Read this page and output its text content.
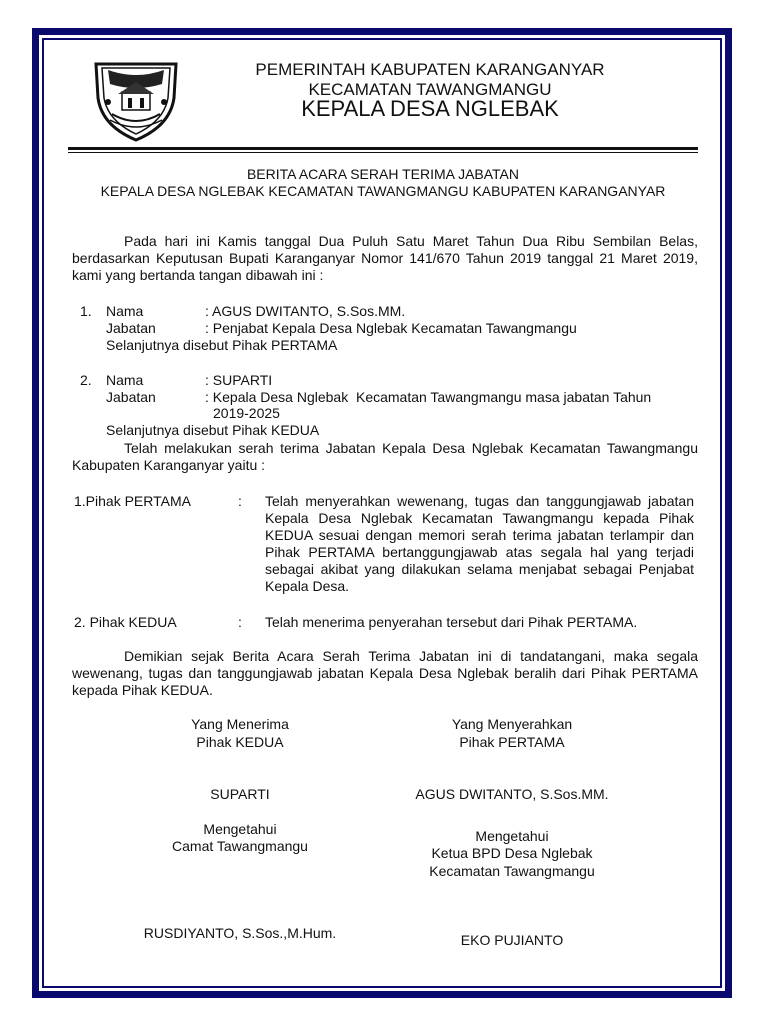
PEMERINTAH KABUPATEN KARANGANYAR
KECAMATAN TAWANGMANGU
KEPALA DESA NGLEBAK
BERITA ACARA SERAH TERIMA JABATAN
KEPALA DESA NGLEBAK KECAMATAN TAWANGMANGU KABUPATEN KARANGANYAR
Pada hari ini Kamis tanggal Dua Puluh Satu Maret Tahun Dua Ribu Sembilan Belas, berdasarkan Keputusan Bupati Karanganyar Nomor 141/670 Tahun 2019 tanggal 21 Maret 2019, kami yang bertanda tangan dibawah ini :
1. Nama	: AGUS DWITANTO, S.Sos.MM.
Jabatan	: Penjabat Kepala Desa Nglebak Kecamatan Tawangmangu
Selanjutnya disebut Pihak PERTAMA
2. Nama	: SUPARTI
Jabatan	: Kepala Desa Nglebak  Kecamatan Tawangmangu masa jabatan Tahun
2019-2025
Selanjutnya disebut Pihak KEDUA
Telah melakukan serah terima Jabatan Kepala Desa Nglebak Kecamatan Tawangmangu Kabupaten Karanganyar yaitu :
1.Pihak PERTAMA	: Telah menyerahkan wewenang, tugas dan tanggungjawab jabatan Kepala Desa Nglebak Kecamatan Tawangmangu kepada Pihak KEDUA sesuai dengan memori serah terima jabatan terlampir dan Pihak PERTAMA bertanggungjawab atas segala hal yang terjadi sebagai akibat yang dilakukan selama menjabat sebagai Penjabat Kepala Desa.
2. Pihak KEDUA	: Telah menerima penyerahan tersebut dari Pihak PERTAMA.
Demikian sejak Berita Acara Serah Terima Jabatan ini di tandatangani, maka segala wewenang, tugas dan tanggungjawab jabatan Kepala Desa Nglebak beralih dari Pihak PERTAMA kepada Pihak KEDUA.
Yang Menerima
Pihak KEDUA
Yang Menyerahkan
Pihak PERTAMA
SUPARTI	AGUS DWITANTO, S.Sos.MM.
Mengetahui
Camat Tawangmangu
Mengetahui
Ketua BPD Desa Nglebak
Kecamatan Tawangmangu
RUSDIYANTO, S.Sos.,M.Hum.	EKO PUJIANTO
